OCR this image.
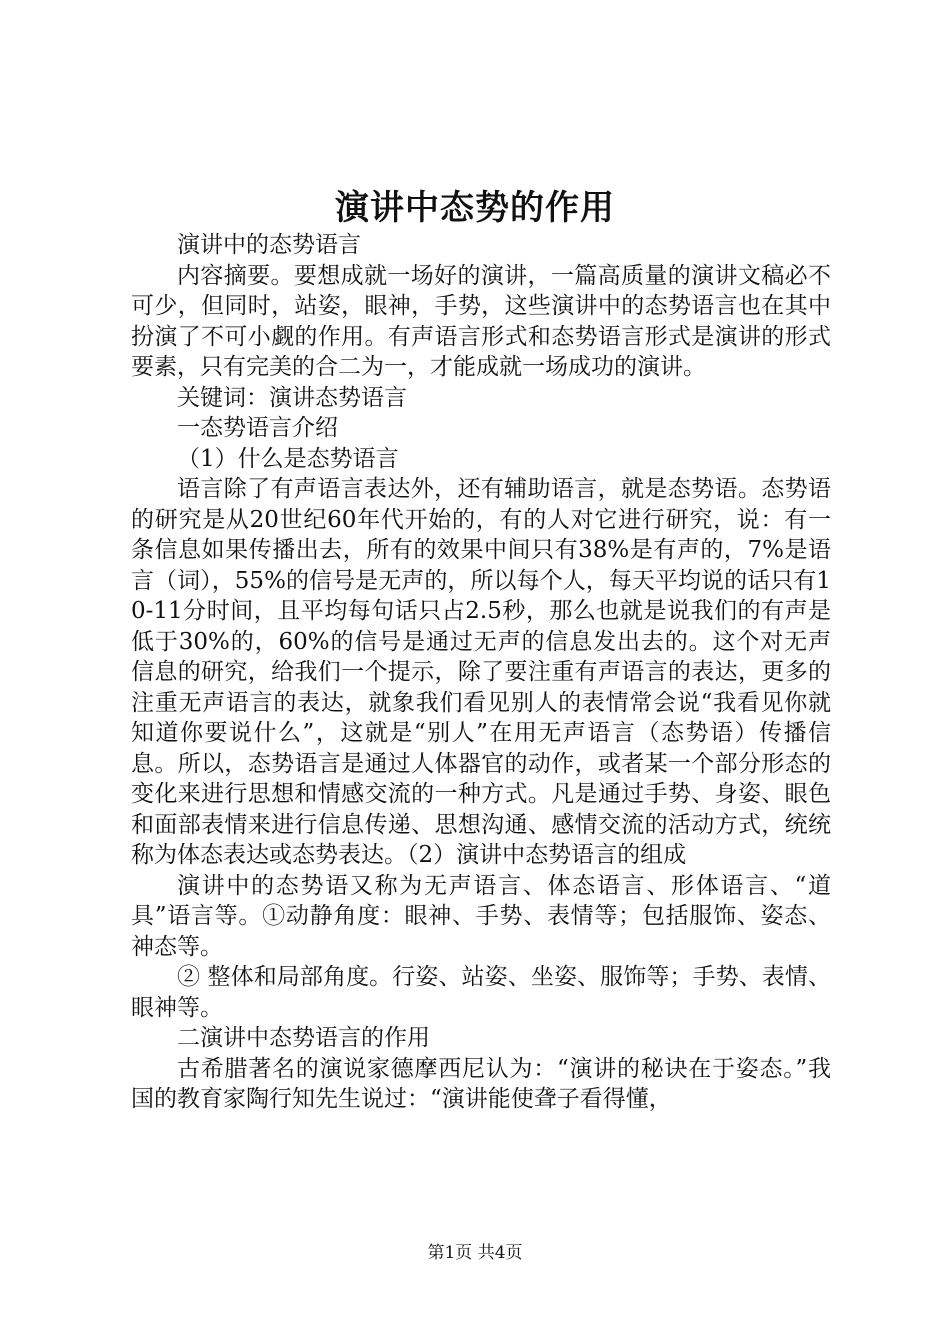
演讲中态势的作用

演讲中的态势语言

内容摘要。要想成就一场好的演讲，一篇高质量的演讲文稿必不可少，但同时，站姿，眼神，手势，这些演讲中的态势语言也在其中扮演了不可小觑的作用。有声语言形式和态势语言形式是演讲的形式要素，只有完美的合二为一，才能成就一场成功的演讲。

关键词：演讲态势语言

一态势语言介绍

（1）什么是态势语言

语言除了有声语言表达外，还有辅助语言，就是态势语。态势语的研究是从20世纪60年代开始的，有的人对它进行研究，说：有一条信息如果传播出去，所有的效果中间只有38%是有声的，7%是语言（词），55%的信号是无声的，所以每个人，每天平均说的话只有10-11分时间，且平均每句话只占2.5秒，那么也就是说我们的有声是低于30%的，60%的信号是通过无声的信息发出去的。这个对无声信息的研究，给我们一个提示，除了要注重有声语言的表达，更多的注重无声语言的表达，就象我们看见别人的表情常会说“我看见你就知道你要说什么”，这就是“别人”在用无声语言（态势语）传播信息。所以，态势语言是通过人体器官的动作，或者某一个部分形态的变化来进行思想和情感交流的一种方式。凡是通过手势、身姿、眼色和面部表情来进行信息传递、思想沟通、感情交流的活动方式，统统称为体态表达或态势表达。（2）演讲中态势语言的组成

演讲中的态势语又称为无声语言、体态语言、形体语言、“道具”语言等。①动静角度：眼神、手势、表情等；包括服饰、姿态、神态等。

② 整体和局部角度。行姿、站姿、坐姿、服饰等；手势、表情、眼神等。

二演讲中态势语言的作用

古希腊著名的演说家德摩西尼认为：“演讲的秘诀在于姿态。”我国的教育家陶行知先生说过：“演讲能使聋子看得懂，

第1页 共4页
